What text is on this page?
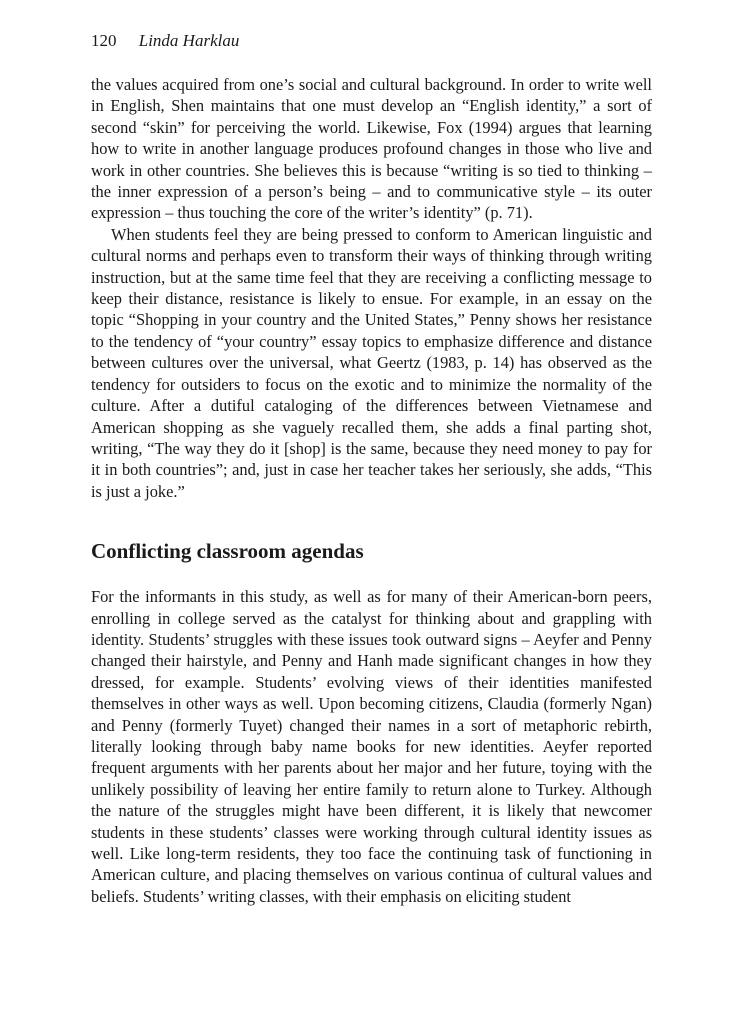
120 Linda Harklau

the values acquired from one’s social and cultural background. In order to write well in English, Shen maintains that one must develop an “English identity,” a sort of second “skin” for perceiving the world. Likewise, Fox (1994) argues that learning how to write in another language produces profound changes in those who live and work in other countries. She believes this is because “writing is so tied to thinking – the inner expression of a person’s being – and to communicative style – its outer expression – thus touching the core of the writer’s identity” (p. 71).

When students feel they are being pressed to conform to American linguistic and cultural norms and perhaps even to transform their ways of thinking through writing instruction, but at the same time feel that they are receiving a conflicting message to keep their distance, resistance is likely to ensue. For example, in an essay on the topic “Shopping in your country and the United States,” Penny shows her resistance to the tendency of “your country” essay topics to emphasize difference and distance between cultures over the universal, what Geertz (1983, p. 14) has observed as the tendency for outsiders to focus on the exotic and to minimize the normality of the culture. After a dutiful cataloging of the differences between Vietnamese and American shopping as she vaguely recalled them, she adds a final parting shot, writing, “The way they do it [shop] is the same, because they need money to pay for it in both countries”; and, just in case her teacher takes her seriously, she adds, “This is just a joke.”

Conflicting classroom agendas

For the informants in this study, as well as for many of their American-born peers, enrolling in college served as the catalyst for thinking about and grappling with identity. Students’ struggles with these issues took outward signs – Aeyfer and Penny changed their hairstyle, and Penny and Hanh made significant changes in how they dressed, for example. Students’ evolving views of their identities manifested themselves in other ways as well. Upon becoming citizens, Claudia (formerly Ngan) and Penny (formerly Tuyet) changed their names in a sort of metaphoric rebirth, literally looking through baby name books for new identities. Aeyfer reported frequent arguments with her parents about her major and her future, toying with the unlikely possibility of leaving her entire family to return alone to Turkey. Although the nature of the struggles might have been different, it is likely that newcomer students in these students’ classes were working through cultural identity issues as well. Like long-term residents, they too face the continuing task of functioning in American culture, and placing themselves on various continua of cultural values and beliefs. Students’ writing classes, with their emphasis on eliciting student
